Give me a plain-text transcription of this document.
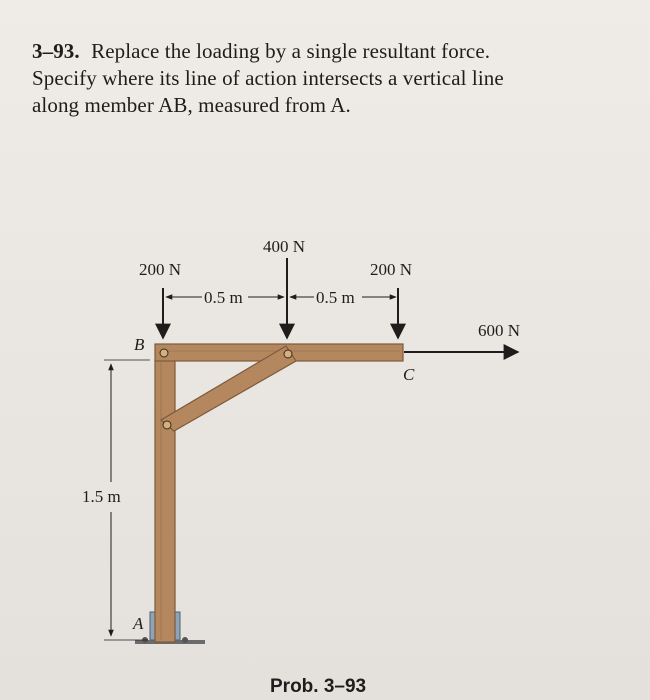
3–93. Replace the loading by a single resultant force.
Specify where its line of action intersects a vertical line
along member AB, measured from A.
200 N
400 N
200 N
600 N
0.5 m	0.5 m
1.5 m
B
C
A
Prob. 3–93
